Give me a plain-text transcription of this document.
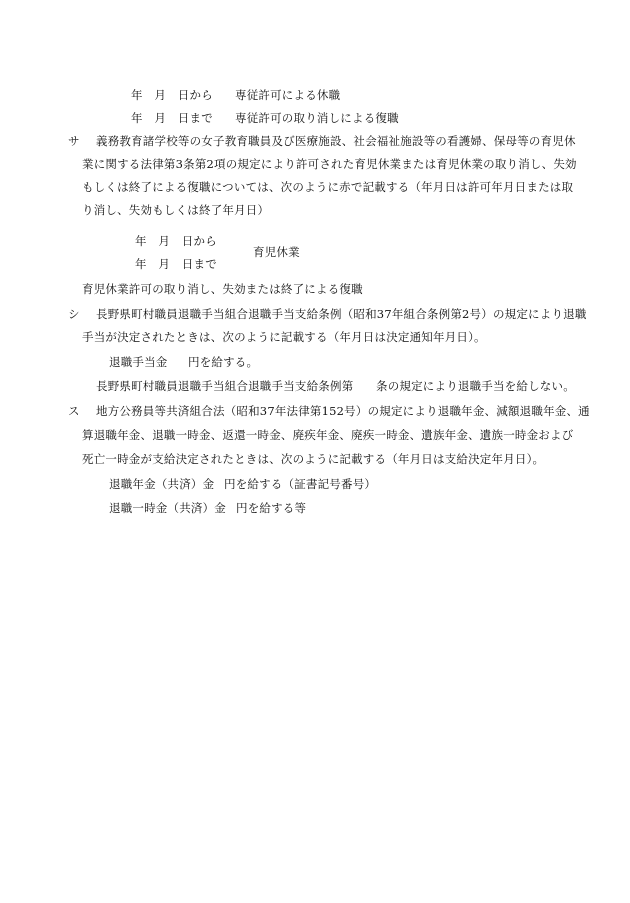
年　月　日から 専従許可による休職
年　月　日まで 専従許可の取り消しによる復職
サ 義務教育諸学校等の女子教育職員及び医療施設、社会福祉施設等の看護婦、保母等の育児休
業に関する法律第3条第2項の規定により許可された育児休業または育児休業の取り消し、失効
もしくは終了による復職については、次のように赤で記載する（年月日は許可年月日または取
り消し、失効もしくは終了年月日）
年　月　日から
年　月　日まで
育児休業
育児休業許可の取り消し、失効または終了による復職
シ 長野県町村職員退職手当組合退職手当支給条例（昭和37年組合条例第2号）の規定により退職
手当が決定されたときは、次のように記載する（年月日は決定通知年月日）。
退職手当金 円を給する。
長野県町村職員退職手当組合退職手当支給条例第 条の規定により退職手当を給しない。
ス 地方公務員等共済組合法（昭和37年法律第152号）の規定により退職年金、減額退職年金、通
算退職年金、退職一時金、返還一時金、廃疾年金、廃疾一時金、遺族年金、遺族一時金および
死亡一時金が支給決定されたときは、次のように記載する（年月日は支給決定年月日）。
退職年金（共済）金 円を給する（証書記号番号）
退職一時金（共済）金 円を給する等
